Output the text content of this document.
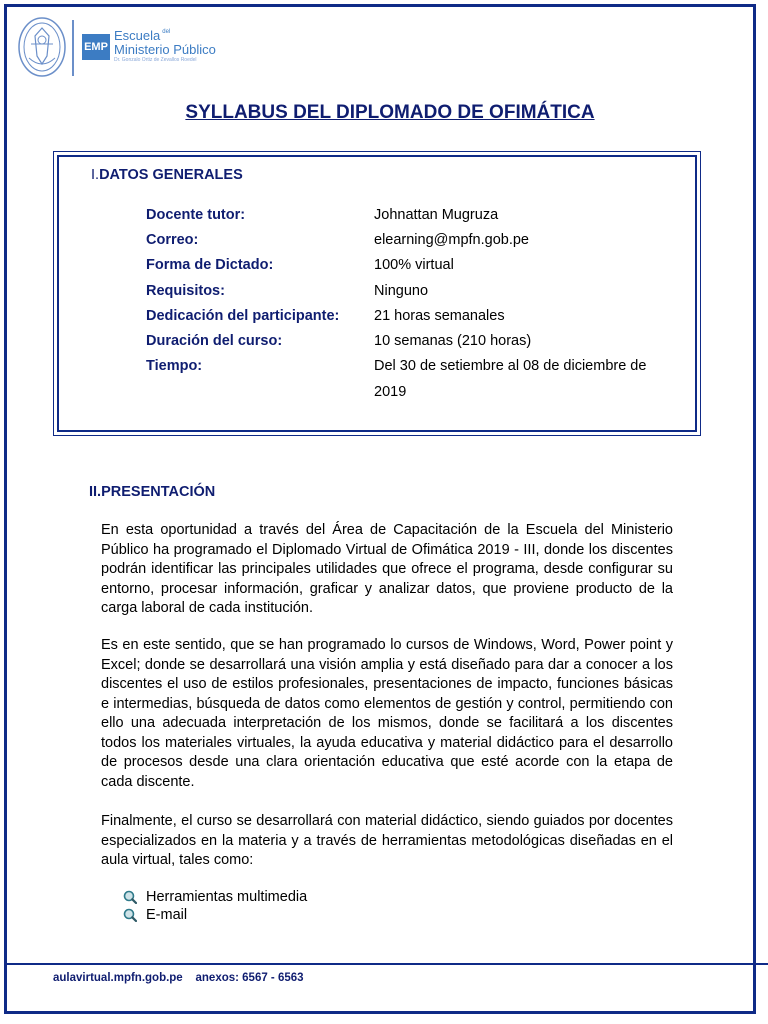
EMP
Escuela $^{del}$
Ministerio Público
Dr. Gonzalo Ortiz de Zevallos Roedel
SYLLABUS DEL DIPLOMADO DE OFIMÁTICA
I.DATOS GENERALES
Docente tutor:	Johnattan Mugruza
Correo:	elearning@mpfn.gob.pe
Forma de Dictado:	100% virtual
Requisitos:	Ninguno
Dedicación del participante: 21 horas semanales
Duración del curso:	10 semanas (210 horas)
Tiempo:	Del 30 de setiembre al 08 de diciembre de 2019
II.PRESENTACIÓN
En esta oportunidad a través del Área de Capacitación de la Escuela del Ministerio Público ha programado el Diplomado Virtual de Ofimática 2019 - III, donde los discentes podrán identificar las principales utilidades que ofrece el programa, desde configurar su entorno, procesar información, graficar y analizar datos, que proviene producto de la carga laboral de cada institución.
Es en este sentido, que se han programado lo cursos de Windows, Word, Power point y Excel; donde se desarrollará una visión amplia y está diseñado para dar a conocer a los discentes el uso de estilos profesionales, presentaciones de impacto, funciones básicas e intermedias, búsqueda de datos como elementos de gestión y control, permitiendo con ello una adecuada interpretación de los mismos, donde se facilitará a los discentes todos los materiales virtuales, la ayuda educativa y material didáctico para el desarrollo de procesos desde una clara orientación educativa que esté acorde con la etapa de cada discente.
Finalmente, el curso se desarrollará con material didáctico, siendo guiados por docentes especializados en la materia y a través de herramientas metodológicas diseñadas en el aula virtual, tales como:
Herramientas multimedia
E-mail
aulavirtual.mpfn.gob.pe anexos: 6567 - 6563
